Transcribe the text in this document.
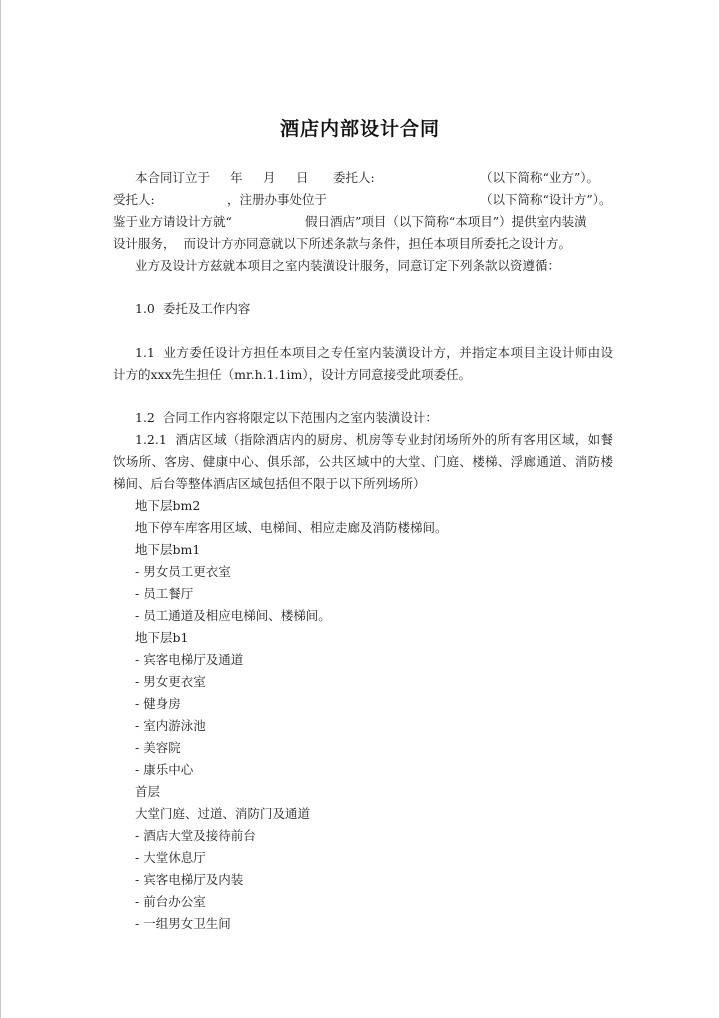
酒店内部设计合同

本合同订立于

年

月

日

委托人:

	（以下简称“业方”）。

受托人:

	，注册办事处位于

	（以下简称“设计方”）。

鉴于业方请设计方就“

	假日酒店”项目（以下简称“本项目”）提供室内装潢

设计服务，  而设计方亦同意就以下所述条款与条件，担任本项目所委托之设计方。

业方及设计方兹就本项目之室内装潢设计服务，同意订定下列条款以资遵循：

1.0  委托及工作内容

1.1  业方委任设计方担任本项目之专任室内装潢设计方，并指定本项目主设计师由设

计方的xxx先生担任（mr.h.1.1im），设计方同意接受此项委任。

1.2  合同工作内容将限定以下范围内之室内装潢设计：

1.2.1  酒店区域（指除酒店内的厨房、机房等专业封闭场所外的所有客用区域，如餐

饮场所、客房、健康中心、俱乐部，公共区域中的大堂、门庭、楼梯、浮廊通道、消防楼

梯间、后台等整体酒店区域包括但不限于以下所列场所）

地下层bm2
地下停车库客用区域、电梯间、相应走廊及消防楼梯间。
地下层bm1
- 男女员工更衣室
- 员工餐厅
- 员工通道及相应电梯间、楼梯间。
地下层b1
- 宾客电梯厅及通道
- 男女更衣室
- 健身房
- 室内游泳池
- 美容院
- 康乐中心
首层
大堂门庭、过道、消防门及通道
- 酒店大堂及接待前台
- 大堂休息厅
- 宾客电梯厅及内装
- 前台办公室
- 一组男女卫生间
